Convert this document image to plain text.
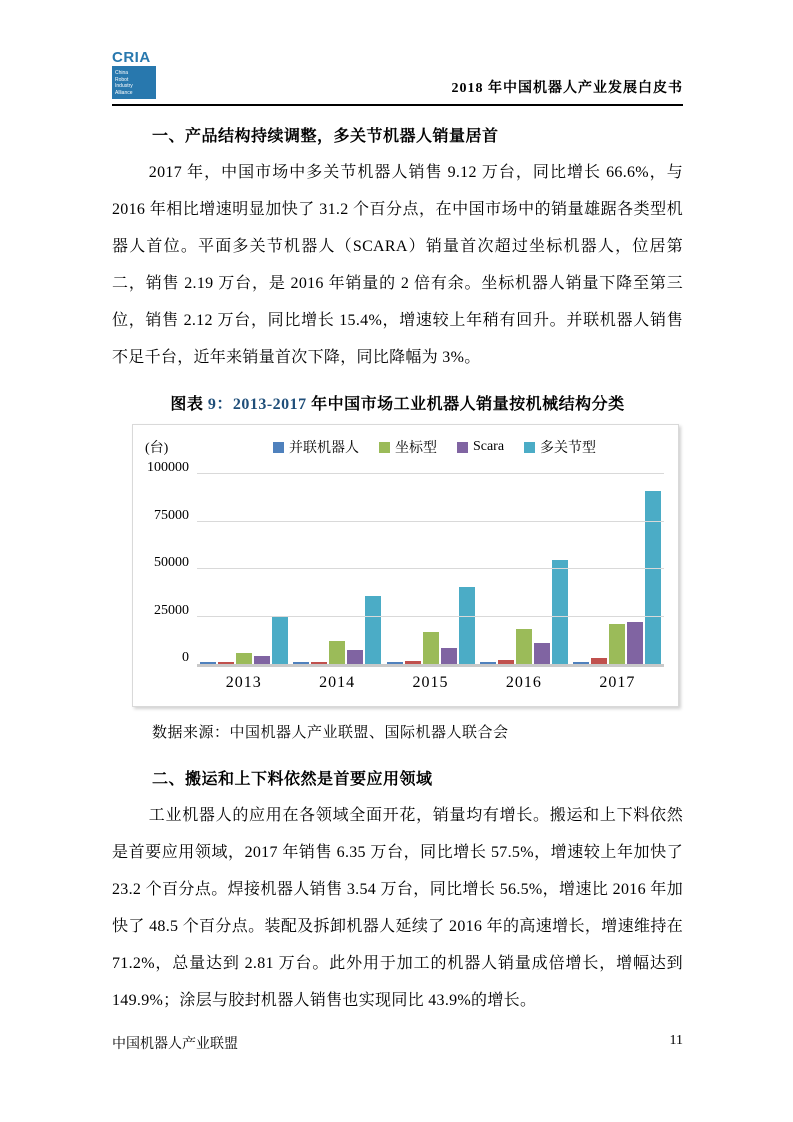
CRIA
China
Robot
Industry
Alliance	2018 年中国机器人产业发展白皮书
一、产品结构持续调整，多关节机器人销量居首
2017 年，中国市场中多关节机器人销售 9.12 万台，同比增长 66.6%，与 2016 年相比增速明显加快了 31.2 个百分点，在中国市场中的销量雄踞各类型机器人首位。平面多关节机器人（SCARA）销量首次超过坐标机器人，位居第二，销售 2.19 万台，是 2016 年销量的 2 倍有余。坐标机器人销量下降至第三位，销售 2.12 万台，同比增长 15.4%，增速较上年稍有回升。并联机器人销售不足千台，近年来销量首次下降，同比降幅为 3%。
图表 9：2013-2017 年中国市场工业机器人销量按机械结构分类
(台)	并联机器人	坐标型	Scara	多关节型
0
25000
50000
75000
100000
2013	2014	2015	2016	2017
数据来源：中国机器人产业联盟、国际机器人联合会
二、搬运和上下料依然是首要应用领域
工业机器人的应用在各领域全面开花，销量均有增长。搬运和上下料依然是首要应用领域，2017 年销售 6.35 万台，同比增长 57.5%，增速较上年加快了 23.2 个百分点。焊接机器人销售 3.54 万台，同比增长 56.5%，增速比 2016 年加快了 48.5 个百分点。装配及拆卸机器人延续了 2016 年的高速增长，增速维持在 71.2%，总量达到 2.81 万台。此外用于加工的机器人销量成倍增长，增幅达到 149.9%；涂层与胶封机器人销售也实现同比 43.9%的增长。
中国机器人产业联盟	11
